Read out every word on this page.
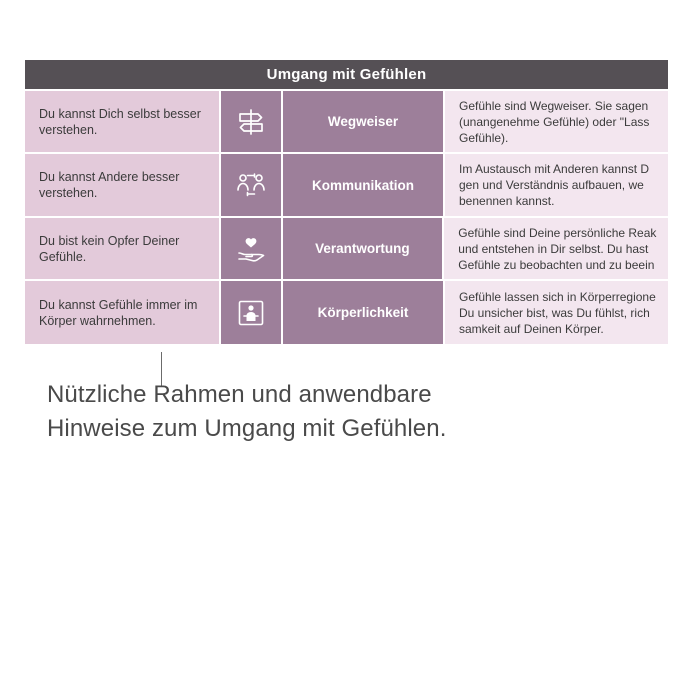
Umgang mit Gefühlen
Du kannst Dich selbst besser verstehen.
Wegweiser
Gefühle sind Wegweiser. Sie sagen
(unangenehme Gefühle) oder "Lass
Gefühle).
Du kannst Andere besser verstehen.
Kommunikation
Im Austausch mit Anderen kannst D
gen und Verständnis aufbauen, we
benennen kannst.
Du bist kein Opfer Deiner Gefühle.
Verantwortung
Gefühle sind Deine persönliche Reak
und entstehen in Dir selbst. Du hast
Gefühle zu beobachten und zu beein
Du kannst Gefühle immer im Körper wahrnehmen.
Körperlichkeit
Gefühle lassen sich in Körperregione
Du unsicher bist, was Du fühlst, rich
samkeit auf Deinen Körper.
Nützliche Rahmen und anwendbare
Hinweise zum Umgang mit Gefühlen.
